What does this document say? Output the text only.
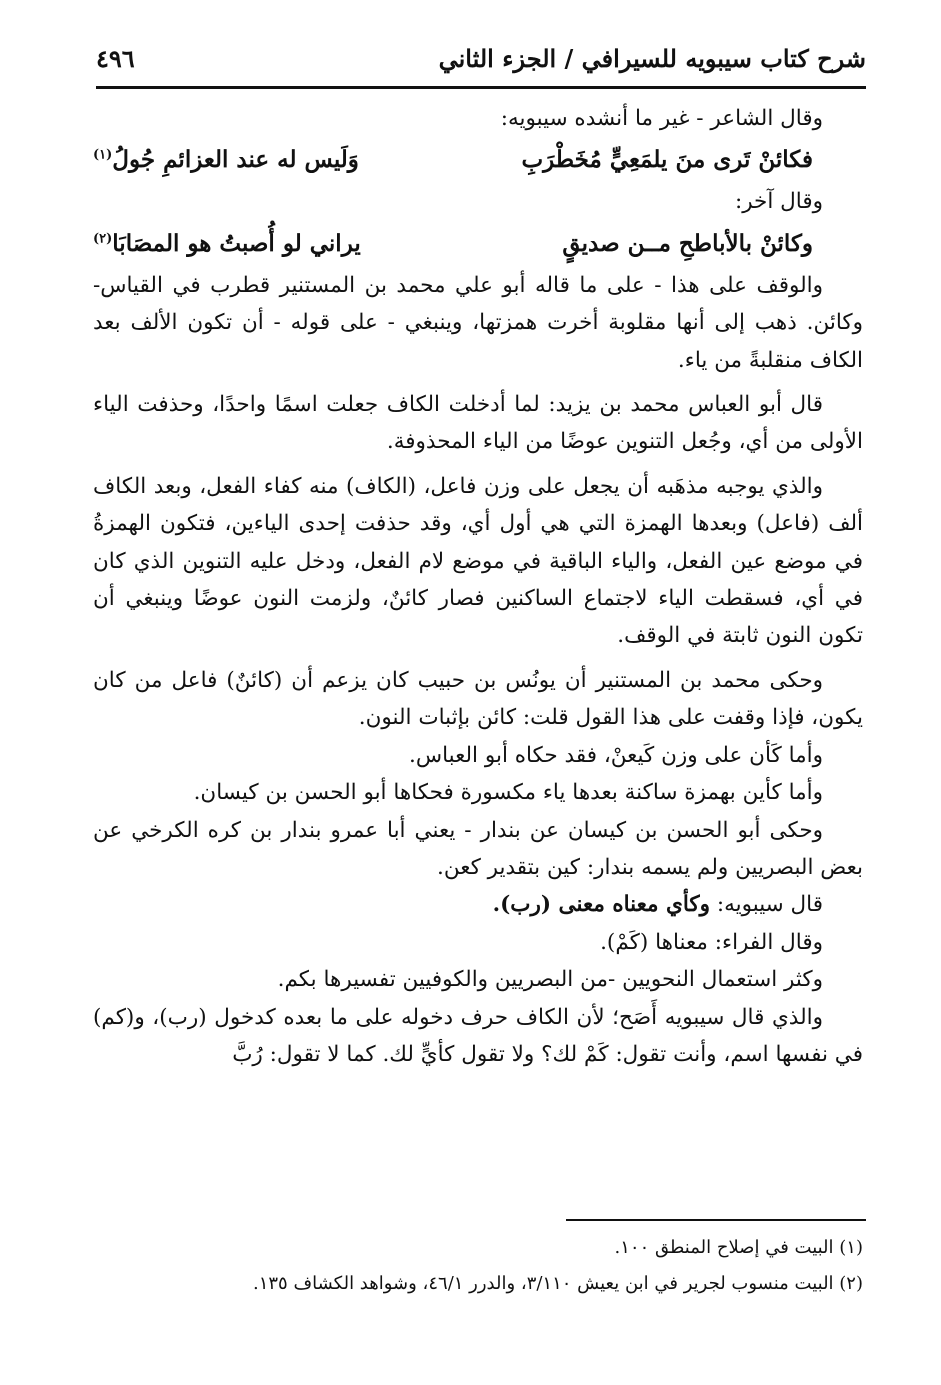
شرح كتاب سيبويه للسيرافي / الجزء الثاني
٤٩٦

وقال الشاعر - غير ما أنشده سيبويه:

فكائنْ تَرى منَ يلمَعِيٍّ مُخَطْرَبِ
وَلَيس له عند العزائمِ جُولُ$^{(١)}$

وقال آخر:

وكائنْ بالأباطحِ مــن صديقٍ
يراني لو أُصبتُ هو المصَابَا$^{(٢)}$

والوقف على هذا - على ما قاله أبو علي محمد بن المستنير قطرب في القياس- وكائن. ذهب إلى أنها مقلوبة أخرت همزتها، وينبغي - على قوله - أن تكون الألف بعد الكاف منقلبةً من ياء.

قال أبو العباس محمد بن يزيد: لما أدخلت الكاف جعلت اسمًا واحدًا، وحذفت الياء الأولى من أي، وجُعل التنوين عوضًا من الياء المحذوفة.

والذي يوجبه مذهَبه أن يجعل على وزن فاعل، (الكاف) منه كفاء الفعل، وبعد الكاف ألف (فاعل) وبعدها الهمزة التي هي أول أي، وقد حذفت إحدى الياءين، فتكون الهمزةُ في موضع عين الفعل، والياء الباقية في موضع لام الفعل، ودخل عليه التنوين الذي كان في أي، فسقطت الياء لاجتماع الساكنين فصار كائنٌ، ولزمت النون عوضًا وينبغي أن تكون النون ثابتة في الوقف.

وحكى محمد بن المستنير أن يونُس بن حبيب كان يزعم أن (كائنٌ) فاعل من كان يكون، فإذا وقفت على هذا القول قلت: كائن بإثبات النون.

وأما كَأن على وزن كَيعنْ، فقد حكاه أبو العباس.

وأما كأين بهمزة ساكنة بعدها ياء مكسورة فحكاها أبو الحسن بن كيسان.

وحكى أبو الحسن بن كيسان عن بندار - يعني أبا عمرو بندار بن كره الكرخي عن بعض البصريين ولم يسمه بندار: كين بتقدير كعن.

قال سيبويه: وكأي معناه معنى (رب).

وقال الفراء: معناها (كَمْ).

وكثر استعمال النحويين -من البصريين والكوفيين تفسيرها بكم.

والذي قال سيبويه أَصَح؛ لأن الكاف حرف دخوله على ما بعده كدخول (رب)، و(كم) في نفسها اسم، وأنت تقول: كَمْ لك؟ ولا تقول كأيٍّ لك. كما لا تقول: رُبَّ

(١) البيت في إصلاح المنطق ١٠٠.

(٢) البيت منسوب لجرير في ابن يعيش ٣/١١٠، والدرر ٤٦/١، وشواهد الكشاف ١٣٥.
